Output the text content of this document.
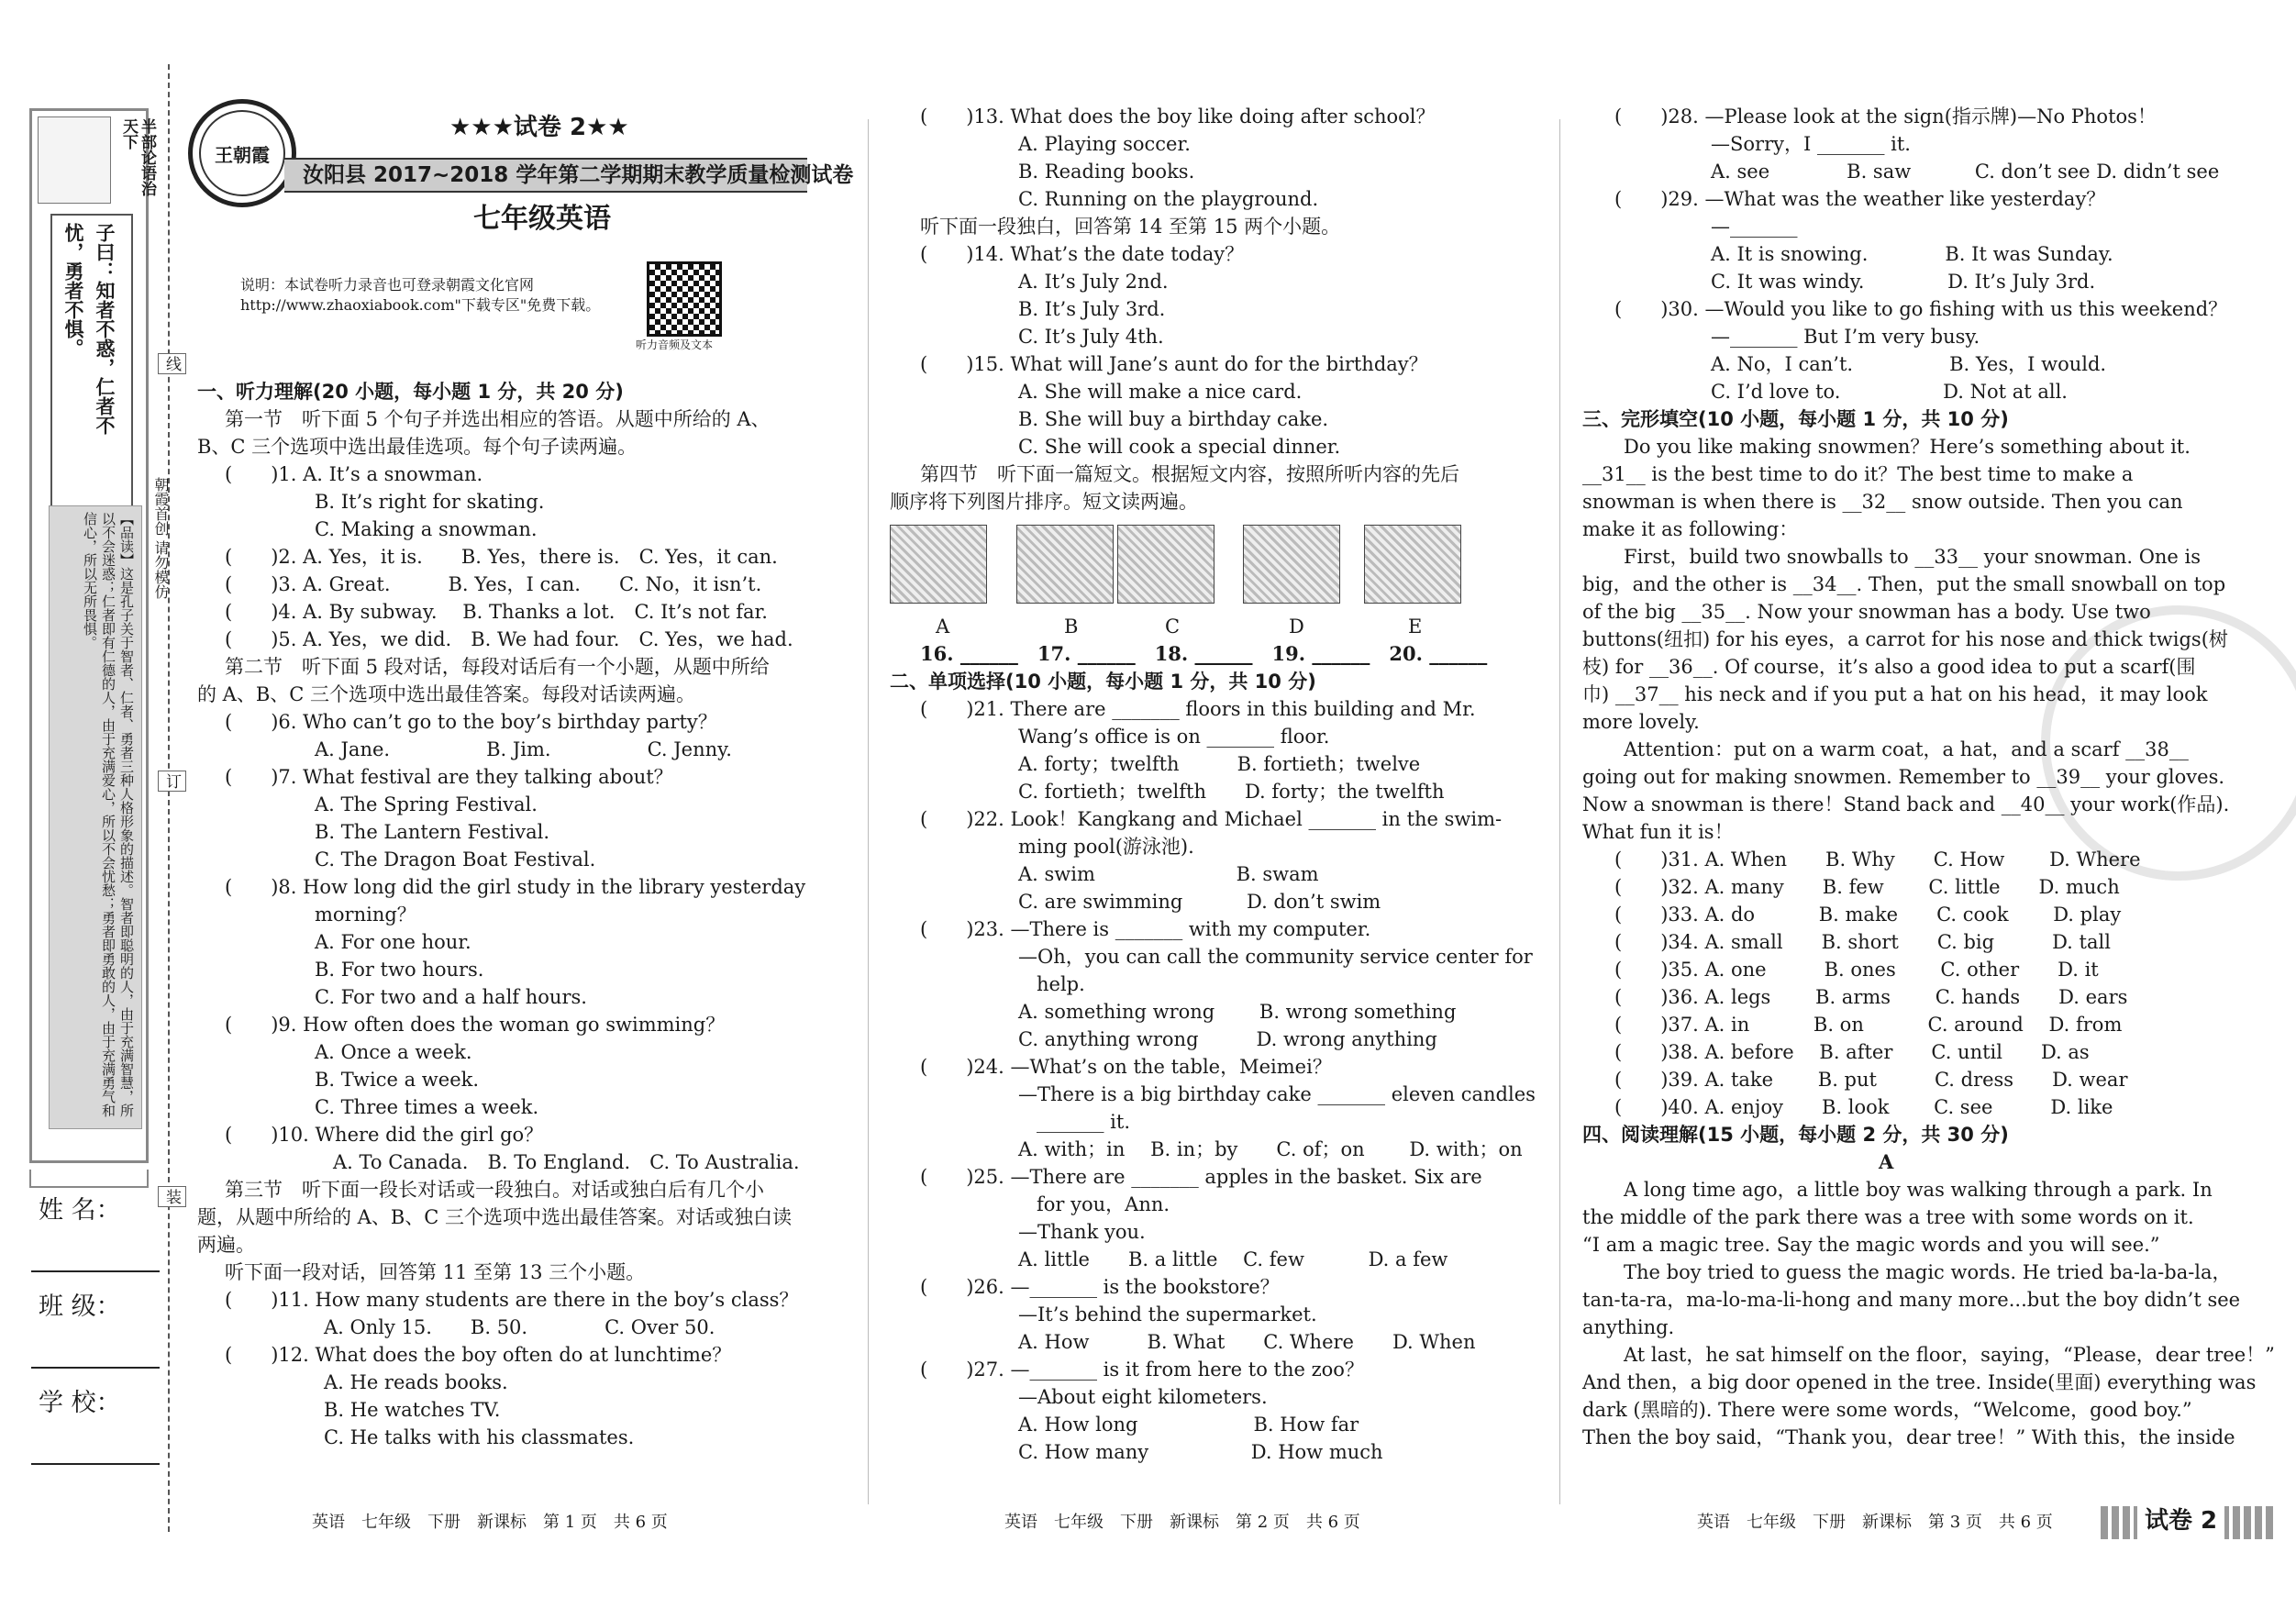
半部论语治天下
子曰：知者不惑，仁者不
忧，勇者不惧。
【品读】这是孔子关于智者、仁者、勇者三种人格形象的描述。智者即聪明的人，由于充满智慧，所以不会迷惑；仁者即有仁德的人，由于充满爱心，所以不会忧愁；勇者即勇敢的人，由于充满勇气和信心，所以无所畏惧。
姓 名：
班 级：
学 校：
线
订
装
朝霞首创 请勿模仿
王朝霞
★★★试卷 2★★
汝阳县 2017~2018 学年第二学期期末教学质量检测试卷
七年级英语
说明：本试卷听力录音也可登录朝霞文化官网http://www.zhaoxiabook.com"下载专区"免费下载。
听力音频及文本
一、听力理解(20 小题，每小题 1 分，共 20 分)
第一节　听下面 5 个句子并选出相应的答语。从题中所给的 A、
B、C 三个选项中选出最佳选项。每个句子读两遍。
(　　)1. A. It’s a snowman.
B. It’s right for skating.
C. Making a snowman.
(　　)2. A. Yes，it is.　　B. Yes，there is.　C. Yes，it can.
(　　)3. A. Great.　　　B. Yes，I can.　　C. No，it isn’t.
(　　)4. A. By subway.　 B. Thanks a lot.　C. It’s not far.
(　　)5. A. Yes，we did.　B. We had four.　C. Yes，we had.
第二节　听下面 5 段对话，每段对话后有一个小题，从题中所给
的 A、B、C 三个选项中选出最佳答案。每段对话读两遍。
(　　)6. Who can’t go to the boy’s birthday party？
A. Jane.　　　　　B. Jim.　　　　　C. Jenny.
(　　)7. What festival are they talking about？
A. The Spring Festival.
B. The Lantern Festival.
C. The Dragon Boat Festival.
(　　)8. How long did the girl study in the library yesterday
morning？
A. For one hour.
B. For two hours.
C. For two and a half hours.
(　　)9. How often does the woman go swimming？
A. Once a week.
B. Twice a week.
C. Three times a week.
(　　)10. Where did the girl go？
A. To Canada.　B. To England.　C. To Australia.
第三节　听下面一段长对话或一段独白。对话或独白后有几个小
题，从题中所给的 A、B、C 三个选项中选出最佳答案。对话或独白读
两遍。
听下面一段对话，回答第 11 至第 13 三个小题。
(　　)11. How many students are there in the boy’s class？
A. Only 15.　　B. 50.　　　　C. Over 50.
(　　)12. What does the boy often do at lunchtime？
A. He reads books.
B. He watches TV.
C. He talks with his classmates.
(　　)13. What does the boy like doing after school？
A. Playing soccer.
B. Reading books.
C. Running on the playground.
听下面一段独白，回答第 14 至第 15 两个小题。
(　　)14. What’s the date today？
A. It’s July 2nd.
B. It’s July 3rd.
C. It’s July 4th.
(　　)15. What will Jane’s aunt do for the birthday？
A. She will make a nice card.
B. She will buy a birthday cake.
C. She will cook a special dinner.
第四节　听下面一篇短文。根据短文内容，按照所听内容的先后
顺序将下列图片排序。短文读两遍。
A	B	C	D	E
16. ______　17. ______　18. ______　19. ______　20. ______
二、单项选择(10 小题，每小题 1 分，共 10 分)
(　　)21. There are _______ floors in this building and Mr.
Wang’s office is on _______ floor.
A. forty；twelfth　　　B. fortieth；twelve
C. fortieth；twelfth　　D. forty；the twelfth
(　　)22. Look！Kangkang and Michael _______ in the swim-
ming pool(游泳池).
A. swim　　　　　　　 B. swam
C. are swimming　　　 D. don’t swim
(　　)23. —There is _______ with my computer.
—Oh，you can call the community service center for
help.
A. something wrong　　 B. wrong something
C. anything wrong　　　D. wrong anything
(　　)24. —What’s on the table，Meimei？
—There is a big birthday cake _______ eleven candles
_______ it.
A. with；in　 B. in；by　　C. of；on　　 D. with；on
(　　)25. —There are _______ apples in the basket. Six are
for you，Ann.
—Thank you.
A. little　　B. a little　 C. few　　　 D. a few
(　　)26. —_______ is the bookstore？
—It’s behind the supermarket.
A. How　　　B. What　　C. Where　　D. When
(　　)27. —_______ is it from here to the zoo？
—About eight kilometers.
A. How long　　　　　　B. How far
C. How many　　　　　 D. How much
(　　)28. —Please look at the sign(指示牌)—No Photos！
—Sorry，I _______ it.
A. see　　　　B. saw　　　 C. don’t see D. didn’t see
(　　)29. —What was the weather like yesterday？
—_______
A. It is snowing.　　　　B. It was Sunday.
C. It was windy.　　　　 D. It’s July 3rd.
(　　)30. —Would you like to go fishing with us this weekend？
—_______ But I’m very busy.
A. No，I can’t.　　　　　B. Yes，I would.
C. I’d love to.　　　　　 D. Not at all.
三、完形填空(10 小题，每小题 1 分，共 10 分)
Do you like making snowmen？Here’s something about it.
__31__ is the best time to do it？The best time to make a
snowman is when there is __32__ snow outside. Then you can
make it as following：
First，build two snowballs to __33__ your snowman. One is
big，and the other is __34__. Then，put the small snowball on top
of the big __35__. Now your snowman has a body. Use two
buttons(纽扣) for his eyes，a carrot for his nose and thick twigs(树
枝) for __36__. Of course，it’s also a good idea to put a scarf(围
巾) __37__ his neck and if you put a hat on his head，it may look
more lovely.
Attention：put on a warm coat，a hat，and a scarf __38__
going out for making snowmen. Remember to __39__ your gloves.
Now a snowman is there！Stand back and __40__ your work(作品).
What fun it is！
(　　)31. A. When　　B. Why　　C. How　　 D. Where
(　　)32. A. many　　B. few　　 C. little　　D. much
(　　)33. A. do　　　 B. make　　C. cook　　 D. play
(　　)34. A. small　　B. short　　C. big　　　D. tall
(　　)35. A. one　　　B. ones　　 C. other　　D. it
(　　)36. A. legs　　 B. arms　　 C. hands　　D. ears
(　　)37. A. in　　　 B. on　　　 C. around　 D. from
(　　)38. A. before　 B. after　　C. until　　D. as
(　　)39. A. take　　 B. put　　　C. dress　　D. wear
(　　)40. A. enjoy　　B. look　　 C. see　　　D. like
四、阅读理解(15 小题，每小题 2 分，共 30 分)
A
A long time ago，a little boy was walking through a park. In
the middle of the park there was a tree with some words on it.
“I am a magic tree. Say the magic words and you will see.”
The boy tried to guess the magic words. He tried ba-la-ba-la，
tan-ta-ra，ma-lo-ma-li-hong and many more...but the boy didn’t see
anything.
At last，he sat himself on the floor，saying，“Please，dear tree！”
And then，a big door opened in the tree. Inside(里面) everything was
dark (黑暗的). There were some words，“Welcome，good boy.”
Then the boy said，“Thank you，dear tree！” With this，the inside
英语　七年级　下册　新课标　第 1 页　共 6 页	英语　七年级　下册　新课标　第 2 页　共 6 页	英语　七年级　下册　新课标　第 3 页　共 6 页	试卷 2
